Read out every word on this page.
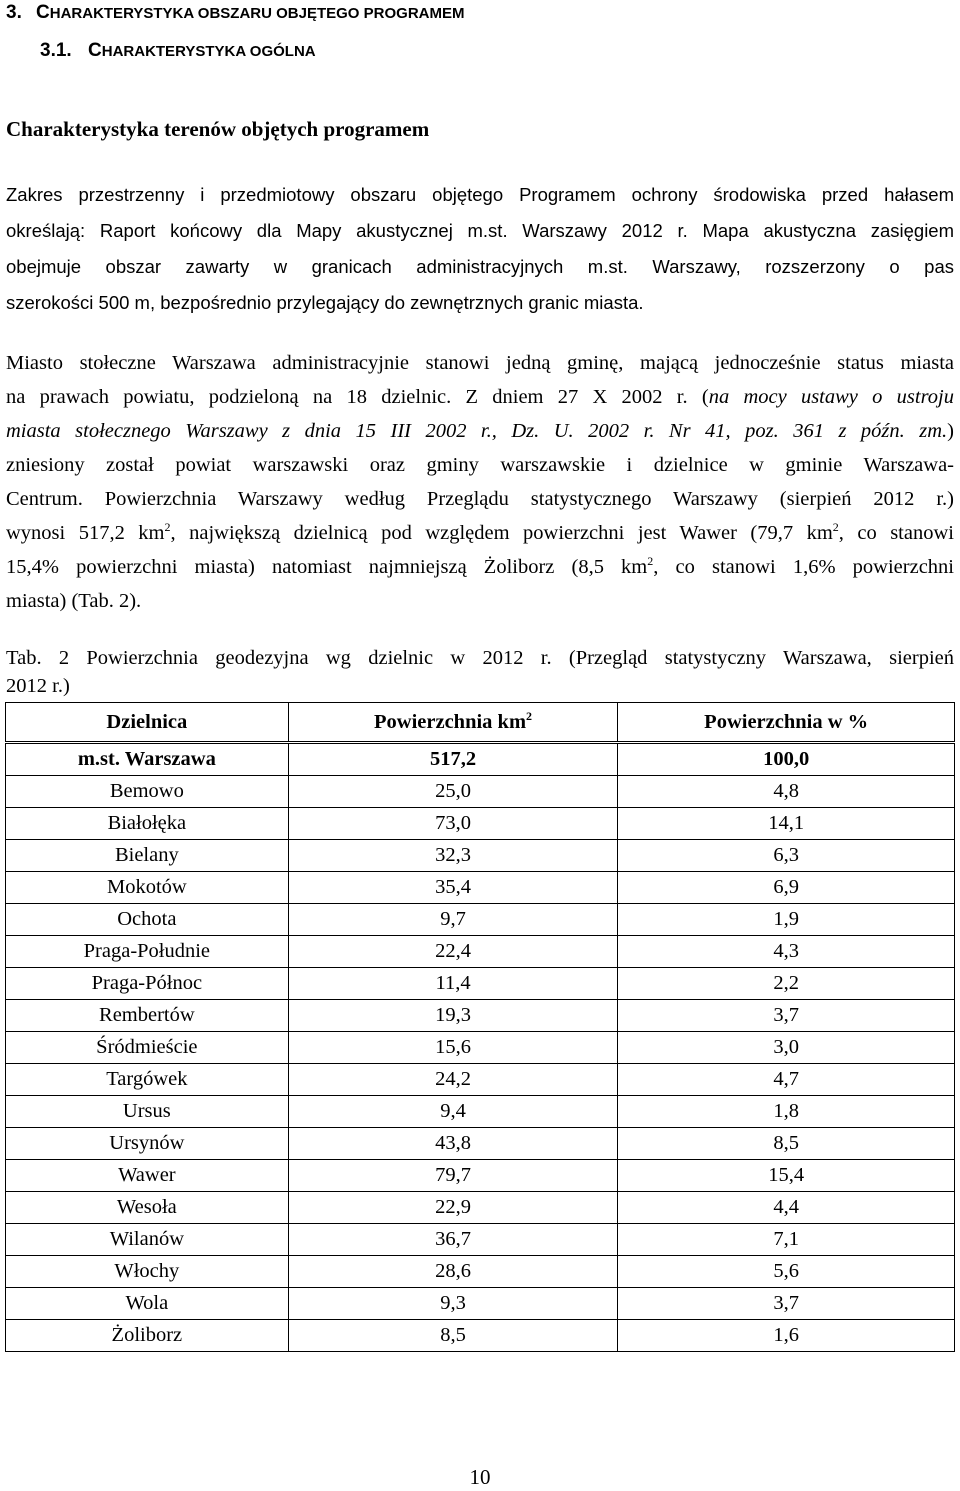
3. CHARAKTERYSTYKA OBSZARU OBJĘTEGO PROGRAMEM
3.1. CHARAKTERYSTYKA OGÓLNA
Charakterystyka terenów objętych programem
Zakres przestrzenny i przedmiotowy obszaru objętego Programem ochrony środowiska przed hałasem
określają: Raport końcowy dla Mapy akustycznej m.st. Warszawy 2012 r. Mapa akustyczna zasięgiem
obejmuje obszar zawarty w granicach administracyjnych m.st. Warszawy, rozszerzony o pas
szerokości 500 m, bezpośrednio przylegający do zewnętrznych granic miasta.
Miasto stołeczne Warszawa administracyjnie stanowi jedną gminę, mającą jednocześnie status miasta
na prawach powiatu, podzieloną na 18 dzielnic. Z dniem 27 X 2002 r. (na mocy ustawy o ustroju
miasta stołecznego Warszawy z dnia 15 III 2002 r., Dz. U. 2002 r. Nr 41, poz. 361 z późn. zm.)
zniesiony został powiat warszawski oraz gminy warszawskie i dzielnice w gminie Warszawa-
Centrum. Powierzchnia Warszawy według Przeglądu statystycznego Warszawy (sierpień 2012 r.)
wynosi 517,2 $km^2$, największą dzielnicą pod względem powierzchni jest Wawer (79,7 $km^2$, co stanowi
15,4% powierzchni miasta) natomiast najmniejszą Żoliborz (8,5 $km^2$, co stanowi 1,6% powierzchni
miasta) (Tab. 2).
Tab. 2 Powierzchnia geodezyjna wg dzielnic w 2012 r. (Przegląd statystyczny Warszawa, sierpień
2012 r.)
Dzielnica	Powierzchnia $km^2$	Powierzchnia w %
m.st. Warszawa	517,2	100,0
Bemowo	25,0	4,8
Białołęka	73,0	14,1
Bielany	32,3	6,3
Mokotów	35,4	6,9
Ochota	9,7	1,9
Praga-Południe	22,4	4,3
Praga-Północ	11,4	2,2
Rembertów	19,3	3,7
Śródmieście	15,6	3,0
Targówek	24,2	4,7
Ursus	9,4	1,8
Ursynów	43,8	8,5
Wawer	79,7	15,4
Wesoła	22,9	4,4
Wilanów	36,7	7,1
Włochy	28,6	5,6
Wola	9,3	3,7
Żoliborz	8,5	1,6
10
